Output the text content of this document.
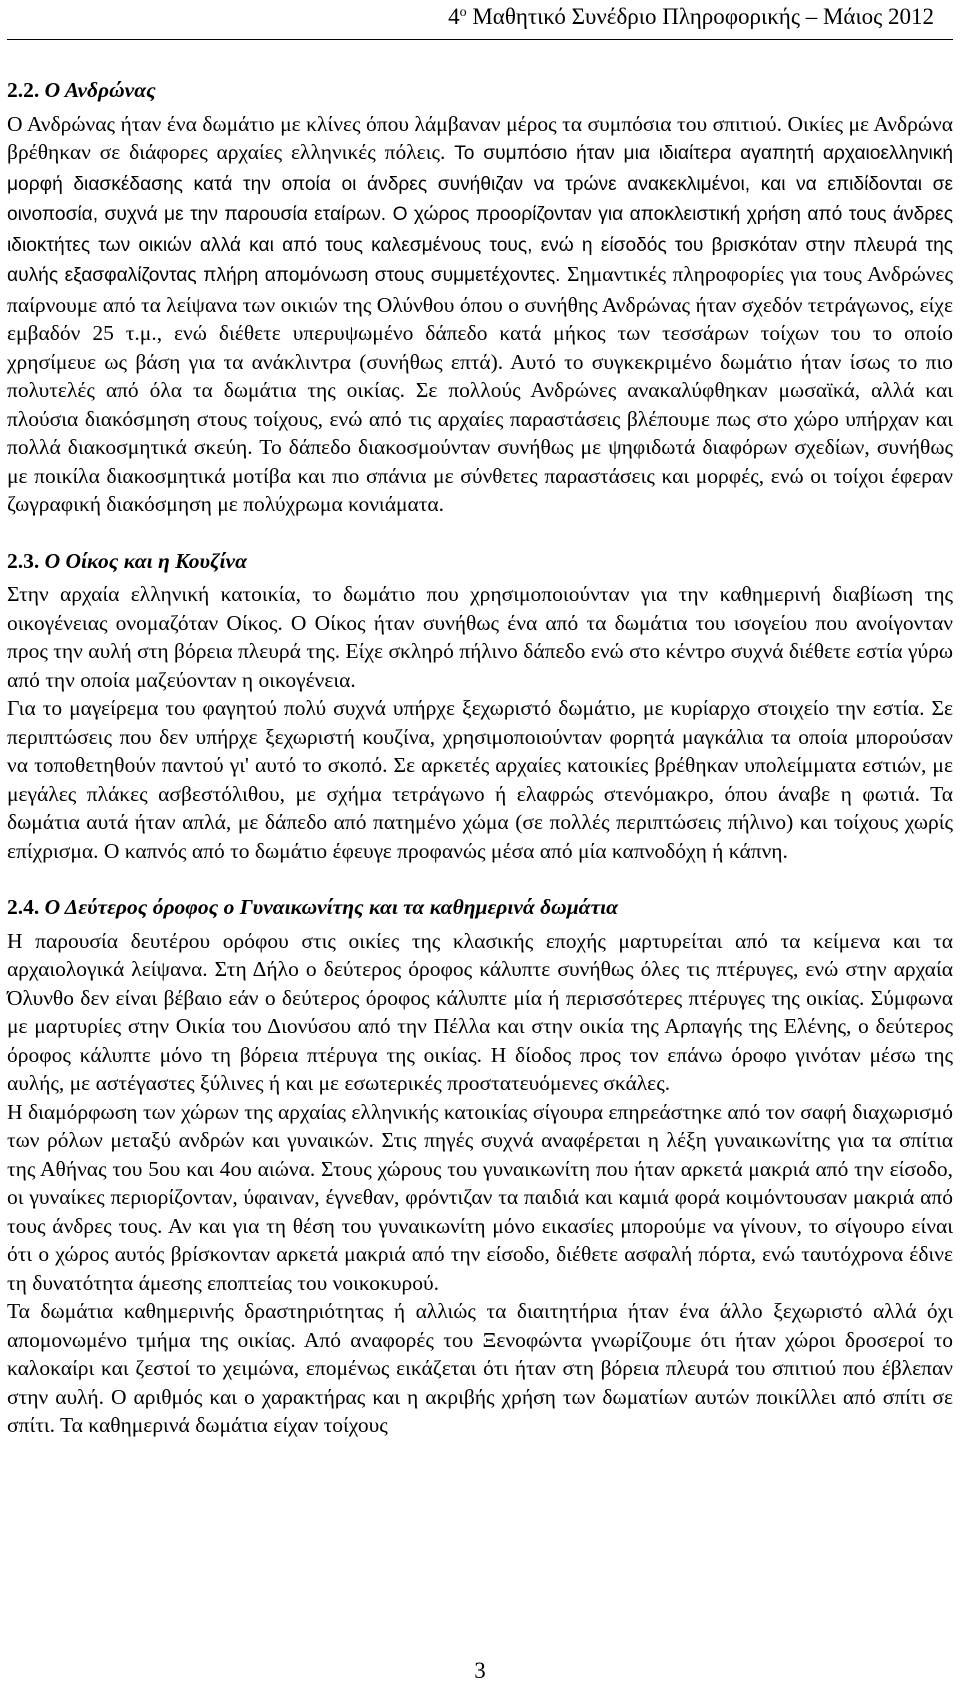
$4^o$ Μαθητικό Συνέδριο Πληροφορικής – Μάιος 2012
2.2. Ο Ανδρώνας

Ο Ανδρώνας ήταν ένα δωμάτιο με κλίνες όπου λάμβαναν μέρος τα συμπόσια του σπιτιού. Οικίες με Ανδρώνα βρέθηκαν σε διάφορες αρχαίες ελληνικές πόλεις. Το συμπόσιο ήταν μια ιδιαίτερα αγαπητή αρχαιοελληνική μορφή διασκέδασης κατά την οποία οι άνδρες συνήθιζαν να τρώνε ανακεκλιμένοι, και να επιδίδονται σε οινοποσία, συχνά με την παρουσία εταίρων. Ο χώρος προορίζονταν για αποκλειστική χρήση από τους άνδρες ιδιοκτήτες των οικιών αλλά και από τους καλεσμένους τους, ενώ η είσοδός του βρισκόταν στην πλευρά της αυλής εξασφαλίζοντας πλήρη απομόνωση στους συμμετέχοντες. Σημαντικές πληροφορίες για τους Ανδρώνες παίρνουμε από τα λείψανα των οικιών της Ολύνθου όπου ο συνήθης Ανδρώνας ήταν σχεδόν τετράγωνος, είχε εμβαδόν 25 τ.μ., ενώ διέθετε υπερυψωμένο δάπεδο κατά μήκος των τεσσάρων τοίχων του το οποίο χρησίμευε ως βάση για τα ανάκλιντρα (συνήθως επτά). Αυτό το συγκεκριμένο δωμάτιο ήταν ίσως το πιο πολυτελές από όλα τα δωμάτια της οικίας. Σε πολλούς Ανδρώνες ανακαλύφθηκαν μωσαϊκά, αλλά και πλούσια διακόσμηση στους τοίχους, ενώ από τις αρχαίες παραστάσεις βλέπουμε πως στο χώρο υπήρχαν και πολλά διακοσμητικά σκεύη. Το δάπεδο διακοσμούνταν συνήθως με ψηφιδωτά διαφόρων σχεδίων, συνήθως με ποικίλα διακοσμητικά μοτίβα και πιο σπάνια με σύνθετες παραστάσεις και μορφές, ενώ οι τοίχοι έφεραν ζωγραφική διακόσμηση με πολύχρωμα κονιάματα.

2.3. Ο Οίκος και η Κουζίνα

Στην αρχαία ελληνική κατοικία, το δωμάτιο που χρησιμοποιούνταν για την καθημερινή διαβίωση της οικογένειας ονομαζόταν Οίκος. Ο Οίκος ήταν συνήθως ένα από τα δωμάτια του ισογείου που ανοίγονταν προς την αυλή στη βόρεια πλευρά της. Είχε σκληρό πήλινο δάπεδο ενώ στο κέντρο συχνά διέθετε εστία γύρω από την οποία μαζεύονταν η οικογένεια.

Για το μαγείρεμα του φαγητού πολύ συχνά υπήρχε ξεχωριστό δωμάτιο, με κυρίαρχο στοιχείο την εστία. Σε περιπτώσεις που δεν υπήρχε ξεχωριστή κουζίνα, χρησιμοποιούνταν φορητά μαγκάλια τα οποία μπορούσαν να τοποθετηθούν παντού γι' αυτό το σκοπό. Σε αρκετές αρχαίες κατοικίες βρέθηκαν υπολείμματα εστιών, με μεγάλες πλάκες ασβεστόλιθου, με σχήμα τετράγωνο ή ελαφρώς στενόμακρο, όπου άναβε η φωτιά. Τα δωμάτια αυτά ήταν απλά, με δάπεδο από πατημένο χώμα (σε πολλές περιπτώσεις πήλινο) και τοίχους χωρίς επίχρισμα. Ο καπνός από το δωμάτιο έφευγε προφανώς μέσα από μία καπνοδόχη ή κάπνη.

2.4. Ο Δεύτερος όροφος ο Γυναικωνίτης και τα καθημερινά δωμάτια

Η παρουσία δευτέρου ορόφου στις οικίες της κλασικής εποχής μαρτυρείται από τα κείμενα και τα αρχαιολογικά λείψανα. Στη Δήλο ο δεύτερος όροφος κάλυπτε συνήθως όλες τις πτέρυγες, ενώ στην αρχαία Όλυνθο δεν είναι βέβαιο εάν ο δεύτερος όροφος κάλυπτε μία ή περισσότερες πτέρυγες της οικίας. Σύμφωνα με μαρτυρίες στην Οικία του Διονύσου από την Πέλλα και στην οικία της Αρπαγής της Ελένης, ο δεύτερος όροφος κάλυπτε μόνο τη βόρεια πτέρυγα της οικίας. Η δίοδος προς τον επάνω όροφο γινόταν μέσω της αυλής, με αστέγαστες ξύλινες ή και με εσωτερικές προστατευόμενες σκάλες.

Η διαμόρφωση των χώρων της αρχαίας ελληνικής κατοικίας σίγουρα επηρεάστηκε από τον σαφή διαχωρισμό των ρόλων μεταξύ ανδρών και γυναικών. Στις πηγές συχνά αναφέρεται η λέξη γυναικωνίτης για τα σπίτια της Αθήνας του 5ου και 4ου αιώνα. Στους χώρους του γυναικωνίτη που ήταν αρκετά μακριά από την είσοδο, οι γυναίκες περιορίζονταν, ύφαιναν, έγνεθαν, φρόντιζαν τα παιδιά και καμιά φορά κοιμόντουσαν μακριά από τους άνδρες τους. Αν και για τη θέση του γυναικωνίτη μόνο εικασίες μπορούμε να γίνουν, το σίγουρο είναι ότι ο χώρος αυτός βρίσκονταν αρκετά μακριά από την είσοδο, διέθετε ασφαλή πόρτα, ενώ ταυτόχρονα έδινε τη δυνατότητα άμεσης εποπτείας του νοικοκυρού.

Τα δωμάτια καθημερινής δραστηριότητας ή αλλιώς τα διαιτητήρια ήταν ένα άλλο ξεχωριστό αλλά όχι απομονωμένο τμήμα της οικίας. Από αναφορές του Ξενοφώντα γνωρίζουμε ότι ήταν χώροι δροσεροί το καλοκαίρι και ζεστοί το χειμώνα, επομένως εικάζεται ότι ήταν στη βόρεια πλευρά του σπιτιού που έβλεπαν στην αυλή. Ο αριθμός και ο χαρακτήρας και η ακριβής χρήση των δωματίων αυτών ποικίλλει από σπίτι σε σπίτι. Τα καθημερινά δωμάτια είχαν τοίχους

3
